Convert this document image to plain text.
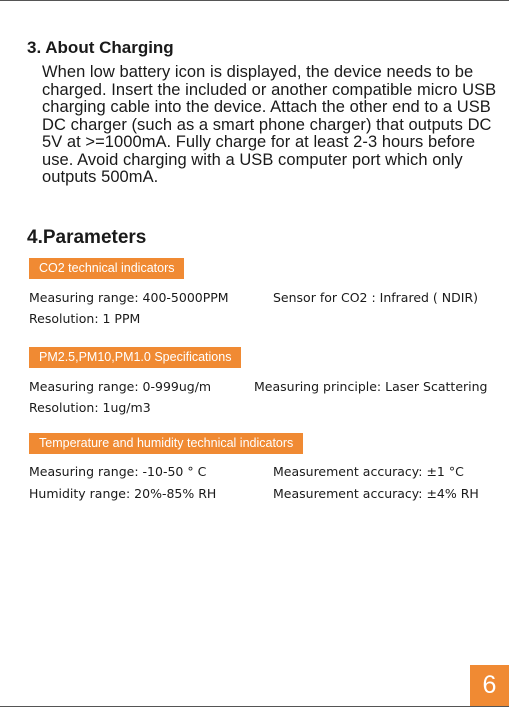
3. About Charging

When low battery icon is displayed, the device needs to be charged. Insert the included or another compatible micro USB charging cable into the device. Attach the other end to a USB DC charger (such as a smart phone charger) that outputs DC 5V at >=1000mA. Fully charge for at least 2-3 hours before use. Avoid charging with a USB computer port which only outputs 500mA.

4.Parameters
CO2 technical indicators
Measuring range: 400-5000PPM	Sensor for CO2 : Infrared ( NDIR)
Resolution: 1 PPM
PM2.5,PM10,PM1.0 Specifications
Measuring range: 0-999ug/m	Measuring principle: Laser Scattering
Resolution: 1ug/m3
Temperature and humidity technical indicators
Measuring range: -10-50 ° C	Measurement accuracy: ±1 °C
Humidity range: 20%-85% RH	Measurement accuracy: ±4% RH
6
